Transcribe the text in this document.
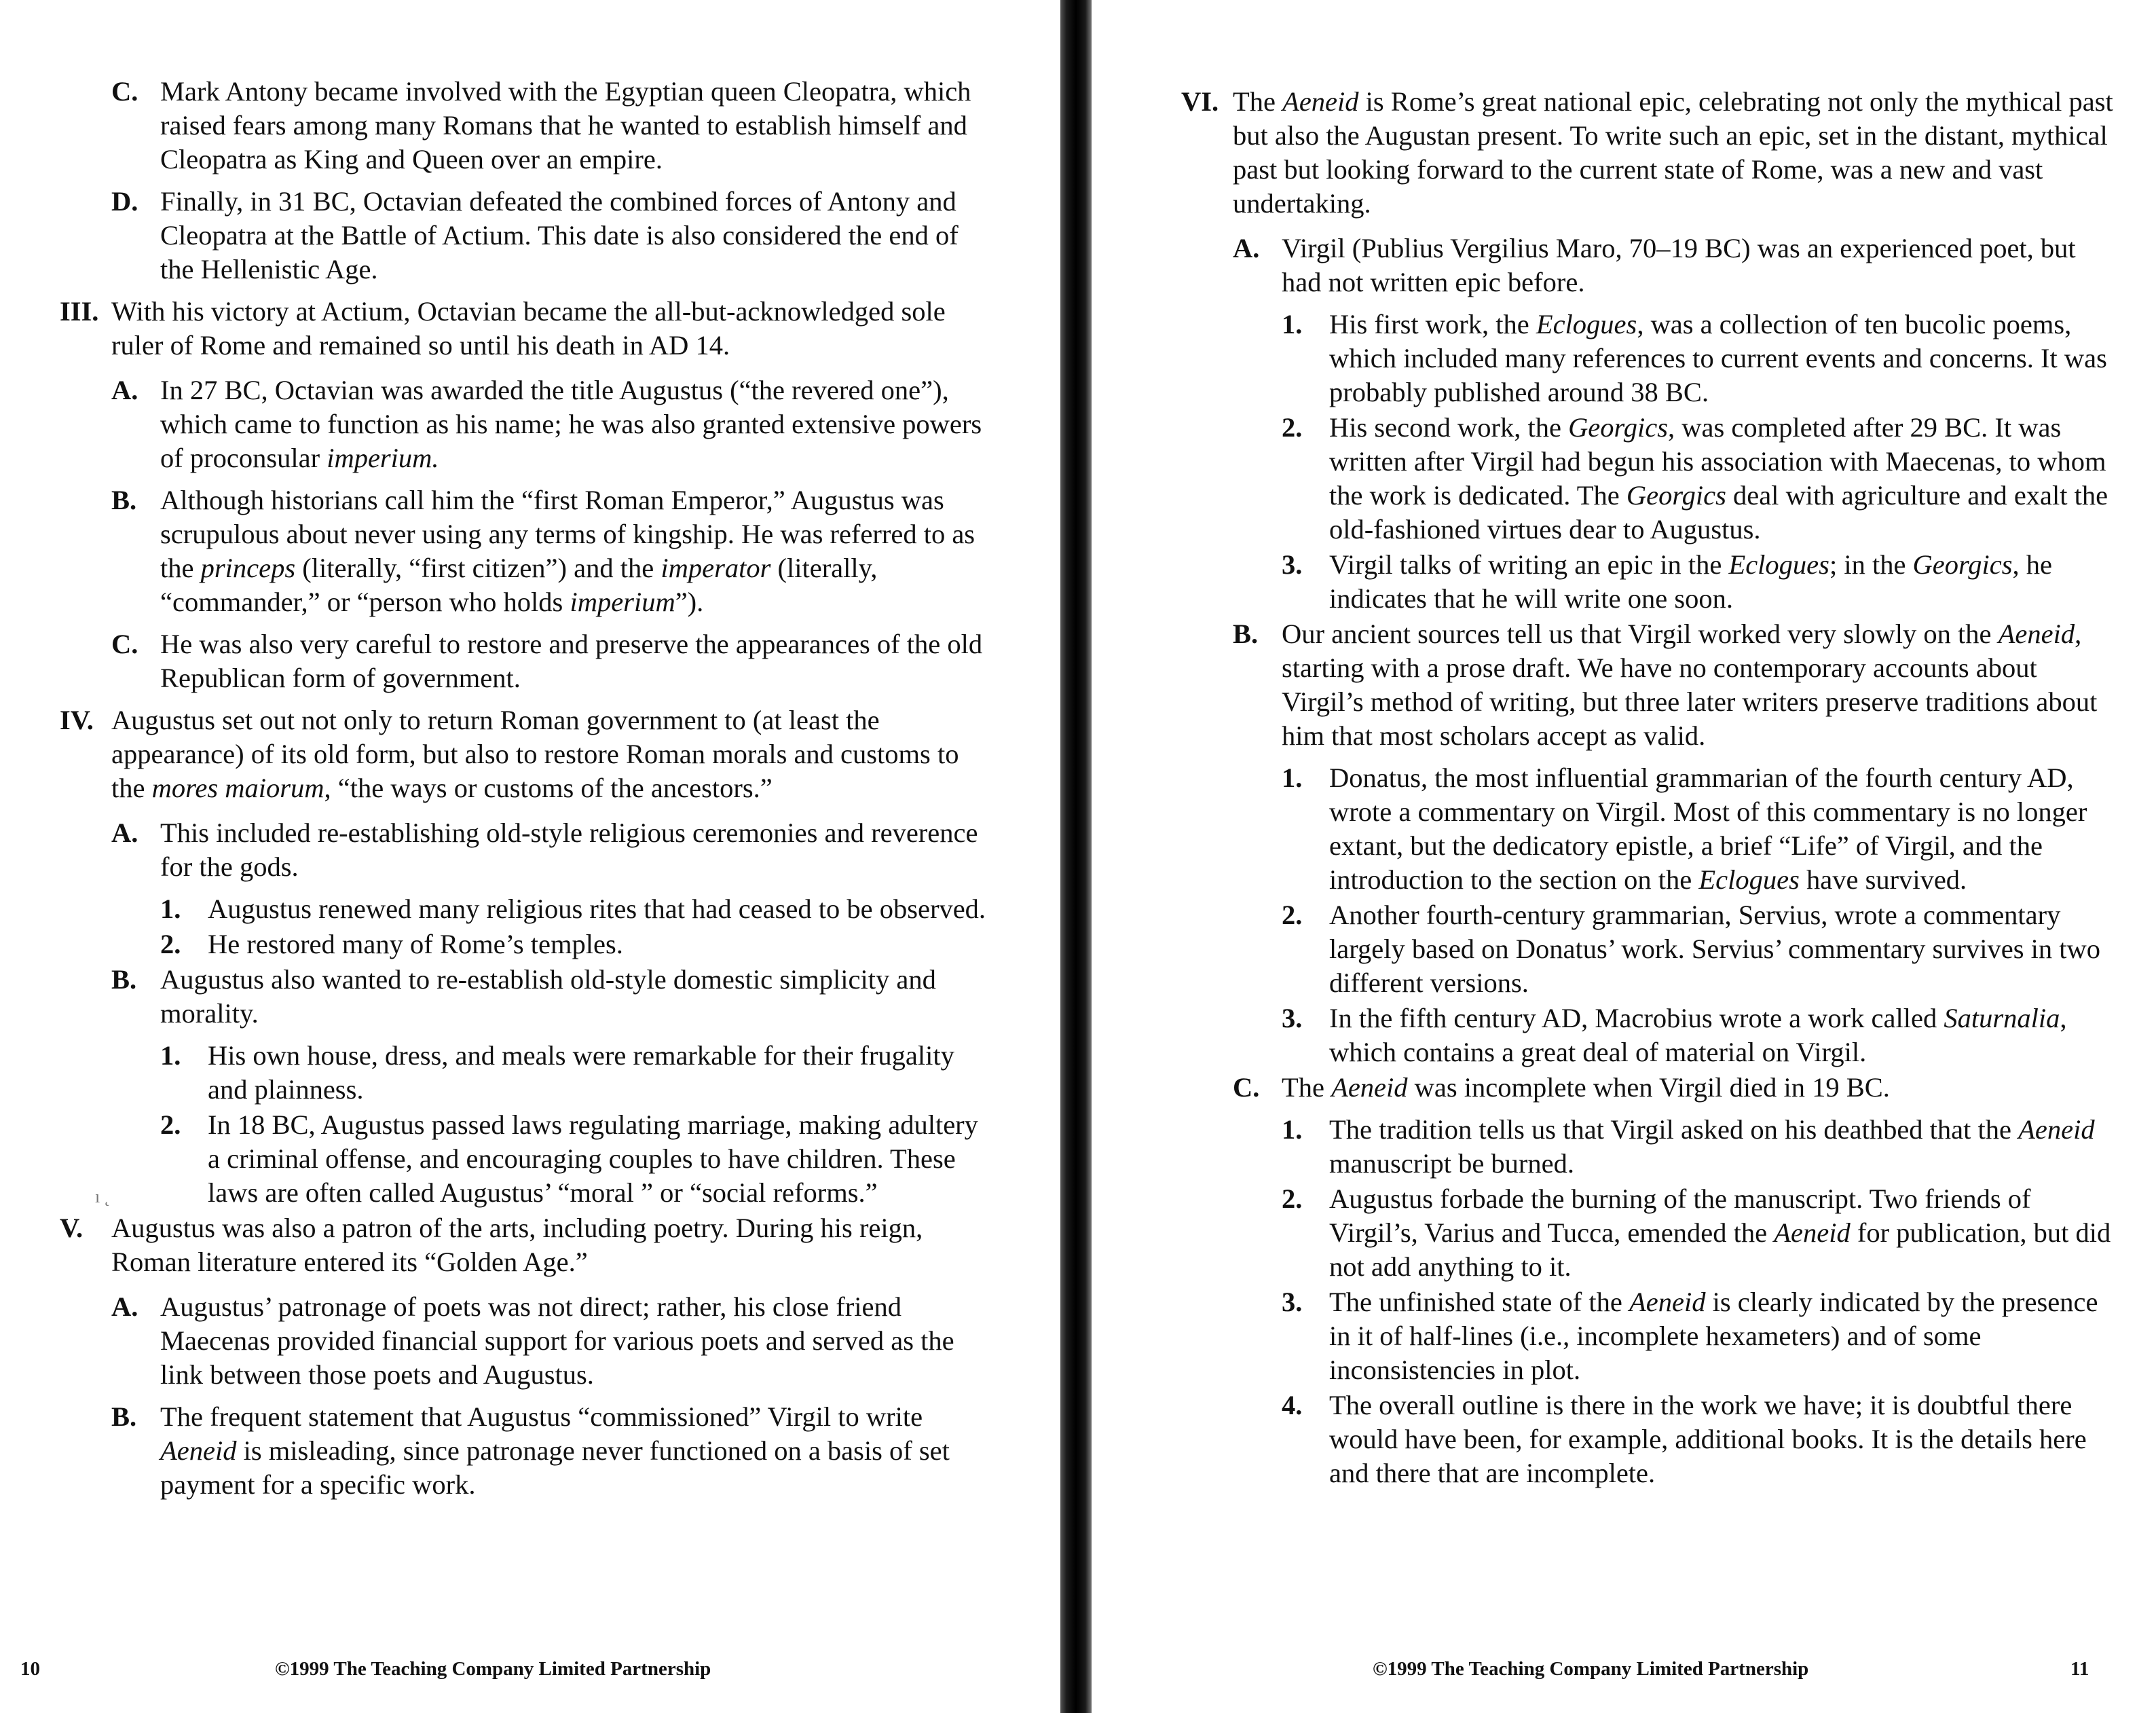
C. Mark Antony became involved with the Egyptian queen Cleopatra, which raised fears among many Romans that he wanted to establish himself and Cleopatra as King and Queen over an empire.
D. Finally, in 31 BC, Octavian defeated the combined forces of Antony and Cleopatra at the Battle of Actium. This date is also considered the end of the Hellenistic Age.
III. With his victory at Actium, Octavian became the all-but-acknowledged sole ruler of Rome and remained so until his death in AD 14.
A. In 27 BC, Octavian was awarded the title Augustus (“the revered one”), which came to function as his name; he was also granted extensive powers of proconsular imperium.
B. Although historians call him the “first Roman Emperor,” Augustus was scrupulous about never using any terms of kingship. He was referred to as the princeps (literally, “first citizen”) and the imperator (literally, “commander,” or “person who holds imperium”).
C. He was also very careful to restore and preserve the appearances of the old Republican form of government.
IV. Augustus set out not only to return Roman government to (at least the appearance) of its old form, but also to restore Roman morals and customs to the mores maiorum, “the ways or customs of the ancestors.”
A. This included re-establishing old-style religious ceremonies and reverence for the gods.
1. Augustus renewed many religious rites that had ceased to be observed.
2. He restored many of Rome’s temples.
B. Augustus also wanted to re-establish old-style domestic simplicity and morality.
1. His own house, dress, and meals were remarkable for their frugality and plainness.
2. In 18 BC, Augustus passed laws regulating marriage, making adultery a criminal offense, and encouraging couples to have children. These laws are often called Augustus’ “moral ” or “social reforms.”
V. Augustus was also a patron of the arts, including poetry. During his reign, Roman literature entered its “Golden Age.”
A. Augustus’ patronage of poets was not direct; rather, his close friend Maecenas provided financial support for various poets and served as the link between those poets and Augustus.
B. The frequent statement that Augustus “commissioned” Virgil to write Aeneid is misleading, since patronage never functioned on a basis of set payment for a specific work.
ı ˛
10	©1999 The Teaching Company Limited Partnership
VI. The Aeneid is Rome’s great national epic, celebrating not only the mythical past but also the Augustan present. To write such an epic, set in the distant, mythical past but looking forward to the current state of Rome, was a new and vast undertaking.
A. Virgil (Publius Vergilius Maro, 70–19 BC) was an experienced poet, but had not written epic before.
1. His first work, the Eclogues, was a collection of ten bucolic poems, which included many references to current events and concerns. It was probably published around 38 BC.
2. His second work, the Georgics, was completed after 29 BC. It was written after Virgil had begun his association with Maecenas, to whom the work is dedicated. The Georgics deal with agriculture and exalt the old-fashioned virtues dear to Augustus.
3. Virgil talks of writing an epic in the Eclogues; in the Georgics, he indicates that he will write one soon.
B. Our ancient sources tell us that Virgil worked very slowly on the Aeneid, starting with a prose draft. We have no contemporary accounts about Virgil’s method of writing, but three later writers preserve traditions about him that most scholars accept as valid.
1. Donatus, the most influential grammarian of the fourth century AD, wrote a commentary on Virgil. Most of this commentary is no longer extant, but the dedicatory epistle, a brief “Life” of Virgil, and the introduction to the section on the Eclogues have survived.
2. Another fourth-century grammarian, Servius, wrote a commentary largely based on Donatus’ work. Servius’ commentary survives in two different versions.
3. In the fifth century AD, Macrobius wrote a work called Saturnalia, which contains a great deal of material on Virgil.
C. The Aeneid was incomplete when Virgil died in 19 BC.
1. The tradition tells us that Virgil asked on his deathbed that the Aeneid manuscript be burned.
2. Augustus forbade the burning of the manuscript. Two friends of Virgil’s, Varius and Tucca, emended the Aeneid for publication, but did not add anything to it.
3. The unfinished state of the Aeneid is clearly indicated by the presence in it of half-lines (i.e., incomplete hexameters) and of some inconsistencies in plot.
4. The overall outline is there in the work we have; it is doubtful there would have been, for example, additional books. It is the details here and there that are incomplete.
©1999 The Teaching Company Limited Partnership	11
